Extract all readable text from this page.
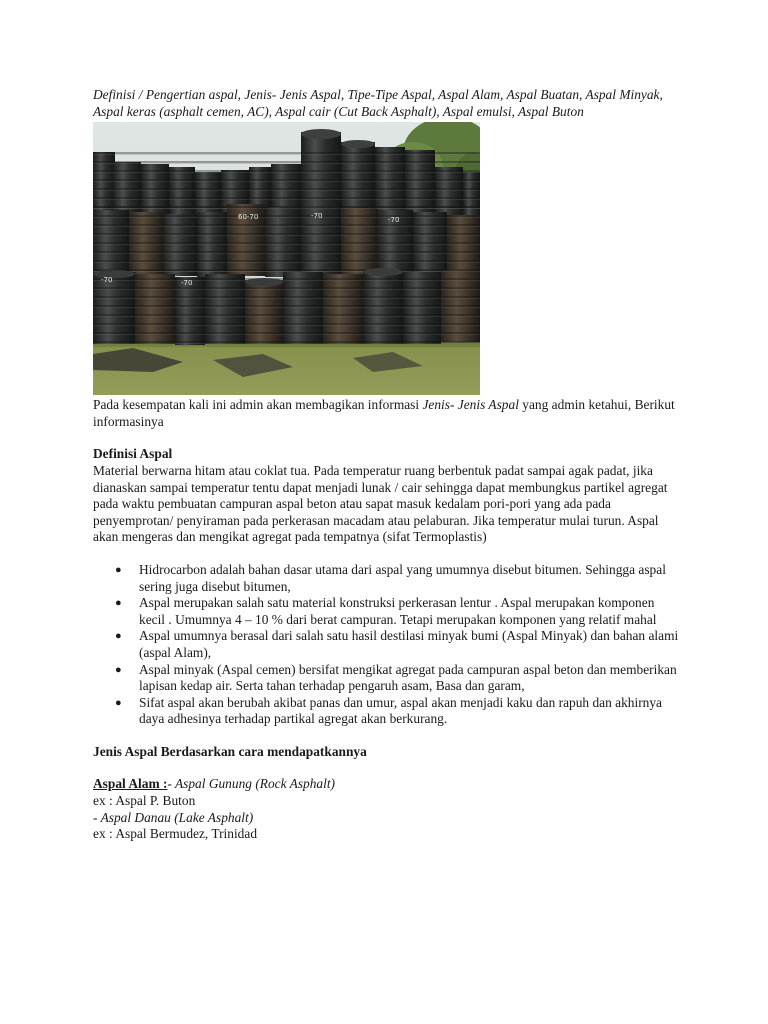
Definisi / Pengertian aspal, Jenis- Jenis Aspal, Tipe-Tipe Aspal, Aspal Alam, Aspal Buatan, Aspal Minyak, Aspal keras (asphalt cemen, AC), Aspal cair (Cut Back Asphalt), Aspal emulsi, Aspal Buton

60-70	-70	-70
-70
-70

Pada kesempatan kali ini admin akan membagikan informasi Jenis- Jenis Aspal yang admin ketahui, Berikut informasinya

Definisi Aspal

Material berwarna hitam atau coklat tua. Pada temperatur ruang berbentuk padat sampai agak padat, jika dianaskan sampai temperatur tentu dapat menjadi lunak / cair sehingga dapat membungkus partikel agregat pada waktu pembuatan campuran aspal beton atau sapat masuk kedalam pori-pori yang ada pada penyemprotan/ penyiraman pada perkerasan macadam atau pelaburan. Jika temperatur mulai turun. Aspal akan mengeras dan mengikat agregat pada tempatnya (sifat Termoplastis)

● Hidrocarbon adalah bahan dasar utama dari aspal yang umumnya disebut bitumen. Sehingga aspal sering juga disebut bitumen,
● Aspal merupakan salah satu material konstruksi perkerasan lentur . Aspal merupakan komponen kecil . Umumnya 4 – 10 % dari berat campuran. Tetapi merupakan komponen yang relatif mahal
● Aspal umumnya berasal dari salah satu hasil destilasi minyak bumi (Aspal Minyak) dan bahan alami (aspal Alam),
● Aspal minyak (Aspal cemen) bersifat mengikat agregat pada campuran aspal beton dan memberikan lapisan kedap air. Serta tahan terhadap pengaruh asam, Basa dan garam,
● Sifat aspal akan berubah akibat panas dan umur, aspal akan menjadi kaku dan rapuh dan akhirnya daya adhesinya terhadap partikal agregat akan berkurang.

Jenis Aspal Berdasarkan cara mendapatkannya

Aspal Alam :- Aspal Gunung (Rock Asphalt)

ex : Aspal P. Buton

- Aspal Danau (Lake Asphalt)

ex : Aspal Bermudez, Trinidad
